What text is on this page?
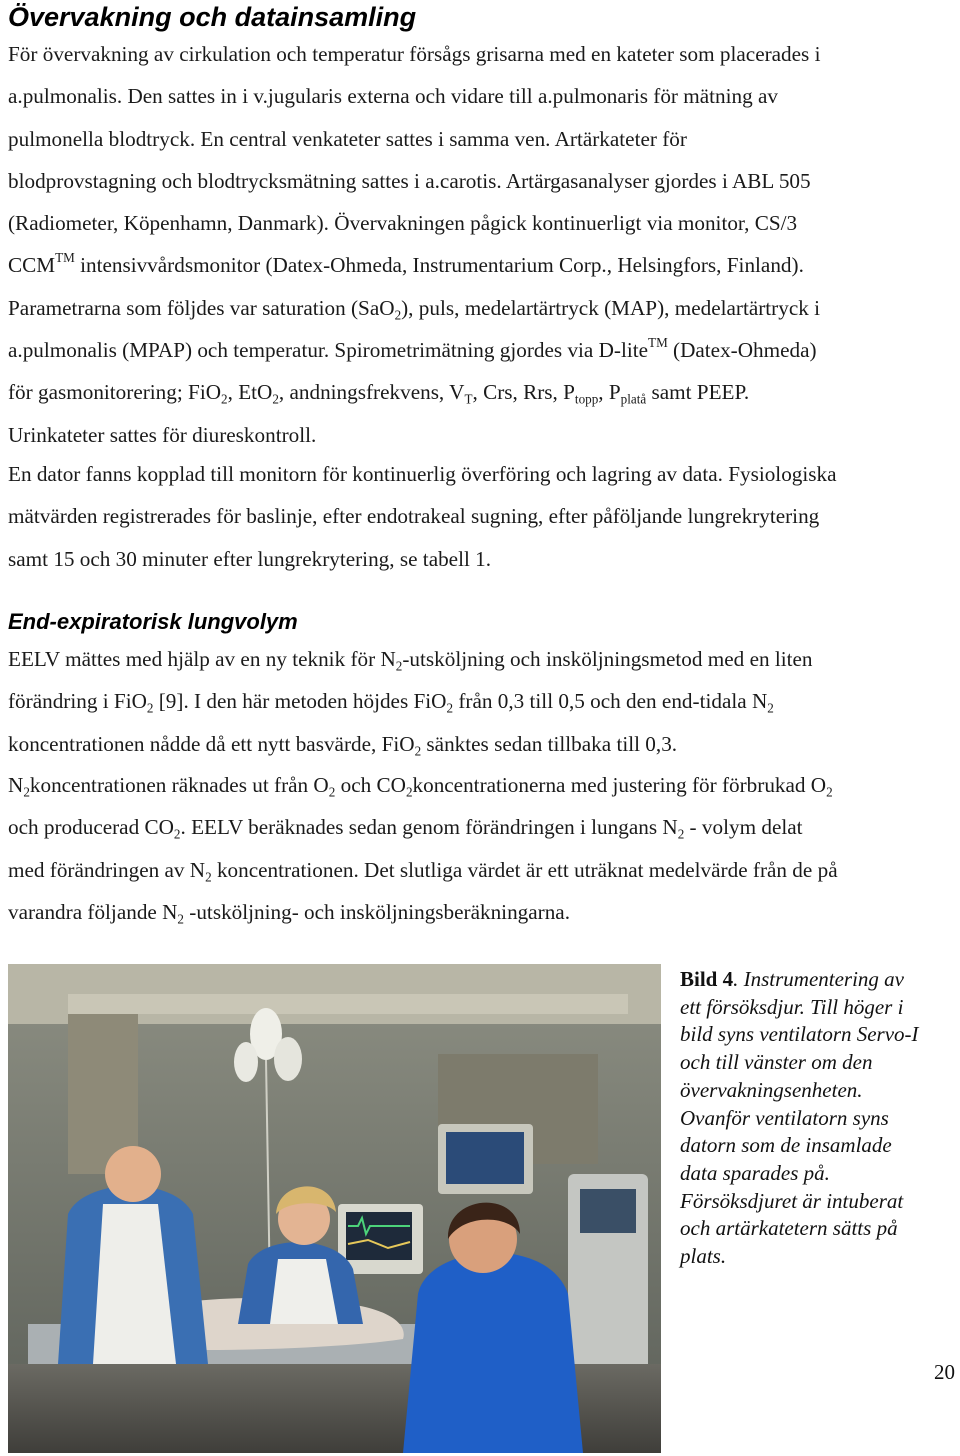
Övervakning och datainsamling
För övervakning av cirkulation och temperatur försågs grisarna med en kateter som placerades i
a.pulmonalis. Den sattes in i v.jugularis externa och vidare till a.pulmonaris för mätning av
pulmonella blodtryck. En central venkateter sattes i samma ven. Artärkateter för
blodprovstagning och blodtrycksmätning sattes i a.carotis. Artärgasanalyser gjordes i ABL 505
(Radiometer, Köpenhamn, Danmark). Övervakningen pågick kontinuerligt via monitor, CS/3
CCM™ intensivvårdsmonitor (Datex-Ohmeda, Instrumentarium Corp., Helsingfors, Finland).
Parametrarna som följdes var saturation (SaO$_2$), puls, medelartärtryck (MAP), medelartärtryck i
a.pulmonalis (MPAP) och temperatur. Spirometrimätning gjordes via D-lite™ (Datex-Ohmeda)
för gasmonitorering; FiO$_2$, EtO$_2$, andningsfrekvens, $V_T$, Crs, Rrs, $P_{topp}$, $P_{platå}$ samt PEEP.
Urinkateter sattes för diureskontroll.
En dator fanns kopplad till monitorn för kontinuerlig överföring och lagring av data. Fysiologiska
mätvärden registrerades för baslinje, efter endotrakeal sugning, efter påföljande lungrekrytering
samt 15 och 30 minuter efter lungrekrytering, se tabell 1.
End-expiratorisk lungvolym
EELV mättes med hjälp av en ny teknik för $N_2$-utsköljning och insköljningsmetod med en liten
förändring i FiO$_2$ [9]. I den här metoden höjdes FiO$_2$ från 0,3 till 0,5 och den end-tidala $N_2$
koncentrationen nådde då ett nytt basvärde, FiO$_2$ sänktes sedan tillbaka till 0,3.
$N_2koncentrationen$ räknades ut från $O_2$ och $CO_2koncentrationerna$ med justering för förbrukad $O_2$
och producerad $CO_2$. EELV beräknades sedan genom förändringen i lungans $N_2$ - volym delat
med förändringen av $N_2$ koncentrationen. Det slutliga värdet är ett uträknat medelvärde från de på
varandra följande $N_2$ -utsköljning- och insköljningsberäkningarna.

Bild 4. Instrumentering av
ett försöksdjur. Till höger i
bild syns ventilatorn Servo-I
och till vänster om den
övervakningsenheten.
Ovanför ventilatorn syns
datorn som de insamlade
data sparades på.
Försöksdjuret är intuberat
och artärkatetern sätts på
plats.

20
